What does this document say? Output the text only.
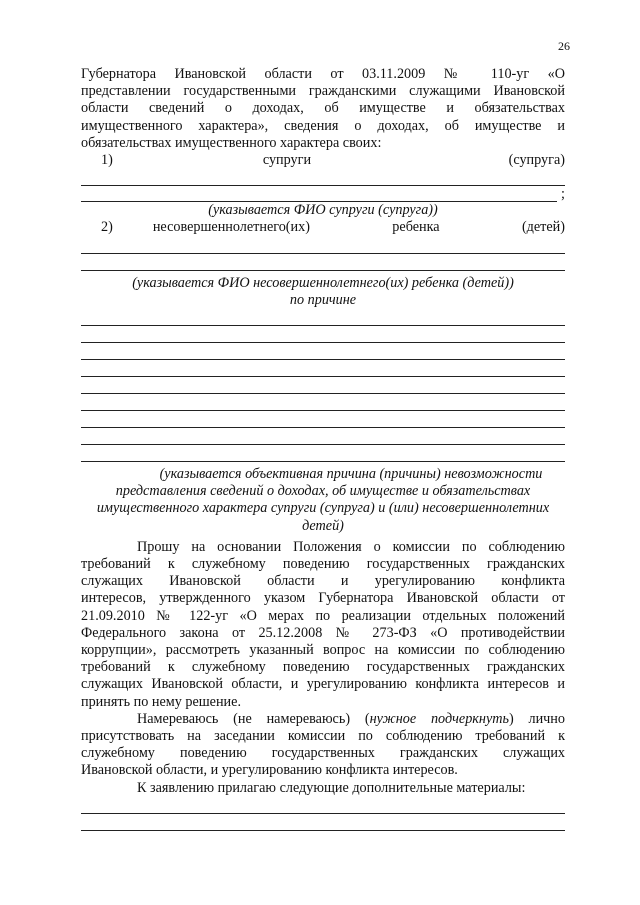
26
Губернатора Ивановской области от 03.11.2009 № 110-уг «О
представлении государственными гражданскими служащими Ивановской
области сведений о доходах, об имуществе и обязательствах
имущественного характера», сведения о доходах, об имуществе и
обязательствах имущественного характера своих:
1)	супруги	(супруга)
;
(указывается ФИО супруги (супруга))
2)	несовершеннолетнего(их)	ребенка	(детей)
(указывается ФИО несовершеннолетнего(их) ребенка (детей))
по причине
(указывается объективная причина (причины) невозможности
представления сведений о доходах, об имуществе и обязательствах
имущественного характера супруги (супруга) и (или) несовершеннолетних
детей)
Прошу на основании Положения о комиссии по соблюдению
требований к служебному поведению государственных гражданских
служащих Ивановской области и урегулированию конфликта
интересов, утвержденного указом Губернатора Ивановской области от
21.09.2010 № 122-уг «О мерах по реализации отдельных положений
Федерального закона от 25.12.2008 № 273-ФЗ «О противодействии
коррупции», рассмотреть указанный вопрос на комиссии по соблюдению
требований к служебному поведению государственных гражданских
служащих Ивановской области, и урегулированию конфликта интересов и
принять по нему решение.
Намереваюсь (не намереваюсь) (нужное подчеркнуть) лично
присутствовать на заседании комиссии по соблюдению требований к
служебному поведению государственных гражданских служащих
Ивановской области, и урегулированию конфликта интересов.
К заявлению прилагаю следующие дополнительные материалы:
